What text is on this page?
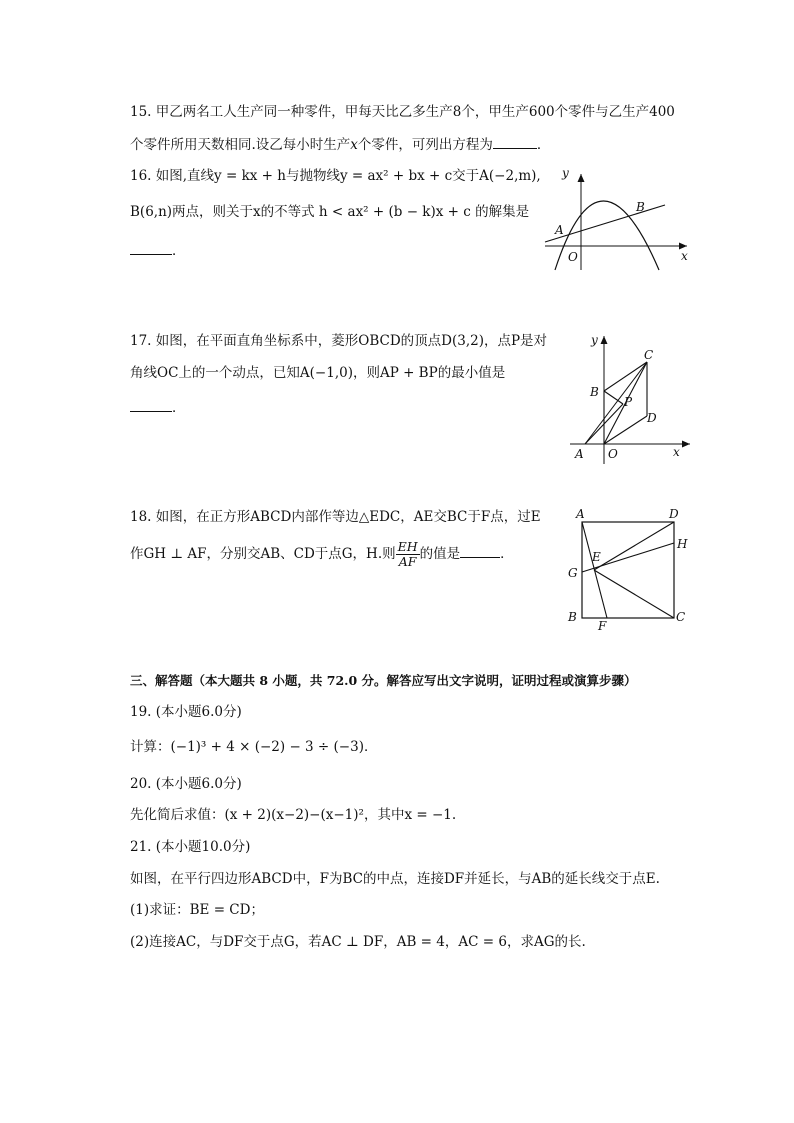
15. 甲乙两名工人生产同一种零件，甲每天比乙多生产8个，甲生产600个零件与乙生产400
个零件所用天数相同.设乙每小时生产x个零件，可列出方程为	．
16. 如图,直线y = kx + h与抛物线y = ax² + bx + c交于A(−2,m),
B(6,n)两点，则关于x的不等式 h < ax² + (b − k)x + c 的解集是
．
y
x
O
A
B
17. 如图，在平面直角坐标系中，菱形OBCD的顶点D(3,2)，点P是对
角线OC上的一个动点，已知A(−1,0)，则AP + BP的最小值是
．
y
x
O
A
B
C
D
P
18. 如图，在正方形ABCD内部作等边△EDC，AE交BC于F点，过E
作GH ⊥ AF，分别交AB、CD于点G，H.则 $\frac{EH}{AF}$ 的值是	．
A	D
H
E
G
B
F
C
三、解答题（本大题共 8 小题，共 72.0 分。解答应写出文字说明，证明过程或演算步骤）
19. (本小题6.0分)
计算：(−1)³ + 4 × (−2) − 3 ÷ (−3)．
20. (本小题6.0分)
先化简后求值：(x + 2)(x−2)−(x−1)²，其中x = −1.
21. (本小题10.0分)
如图，在平行四边形ABCD中，F为BC的中点，连接DF并延长，与AB的延长线交于点E.
(1)求证：BE = CD；
(2)连接AC，与DF交于点G，若AC ⊥ DF，AB = 4，AC = 6，求AG的长.
